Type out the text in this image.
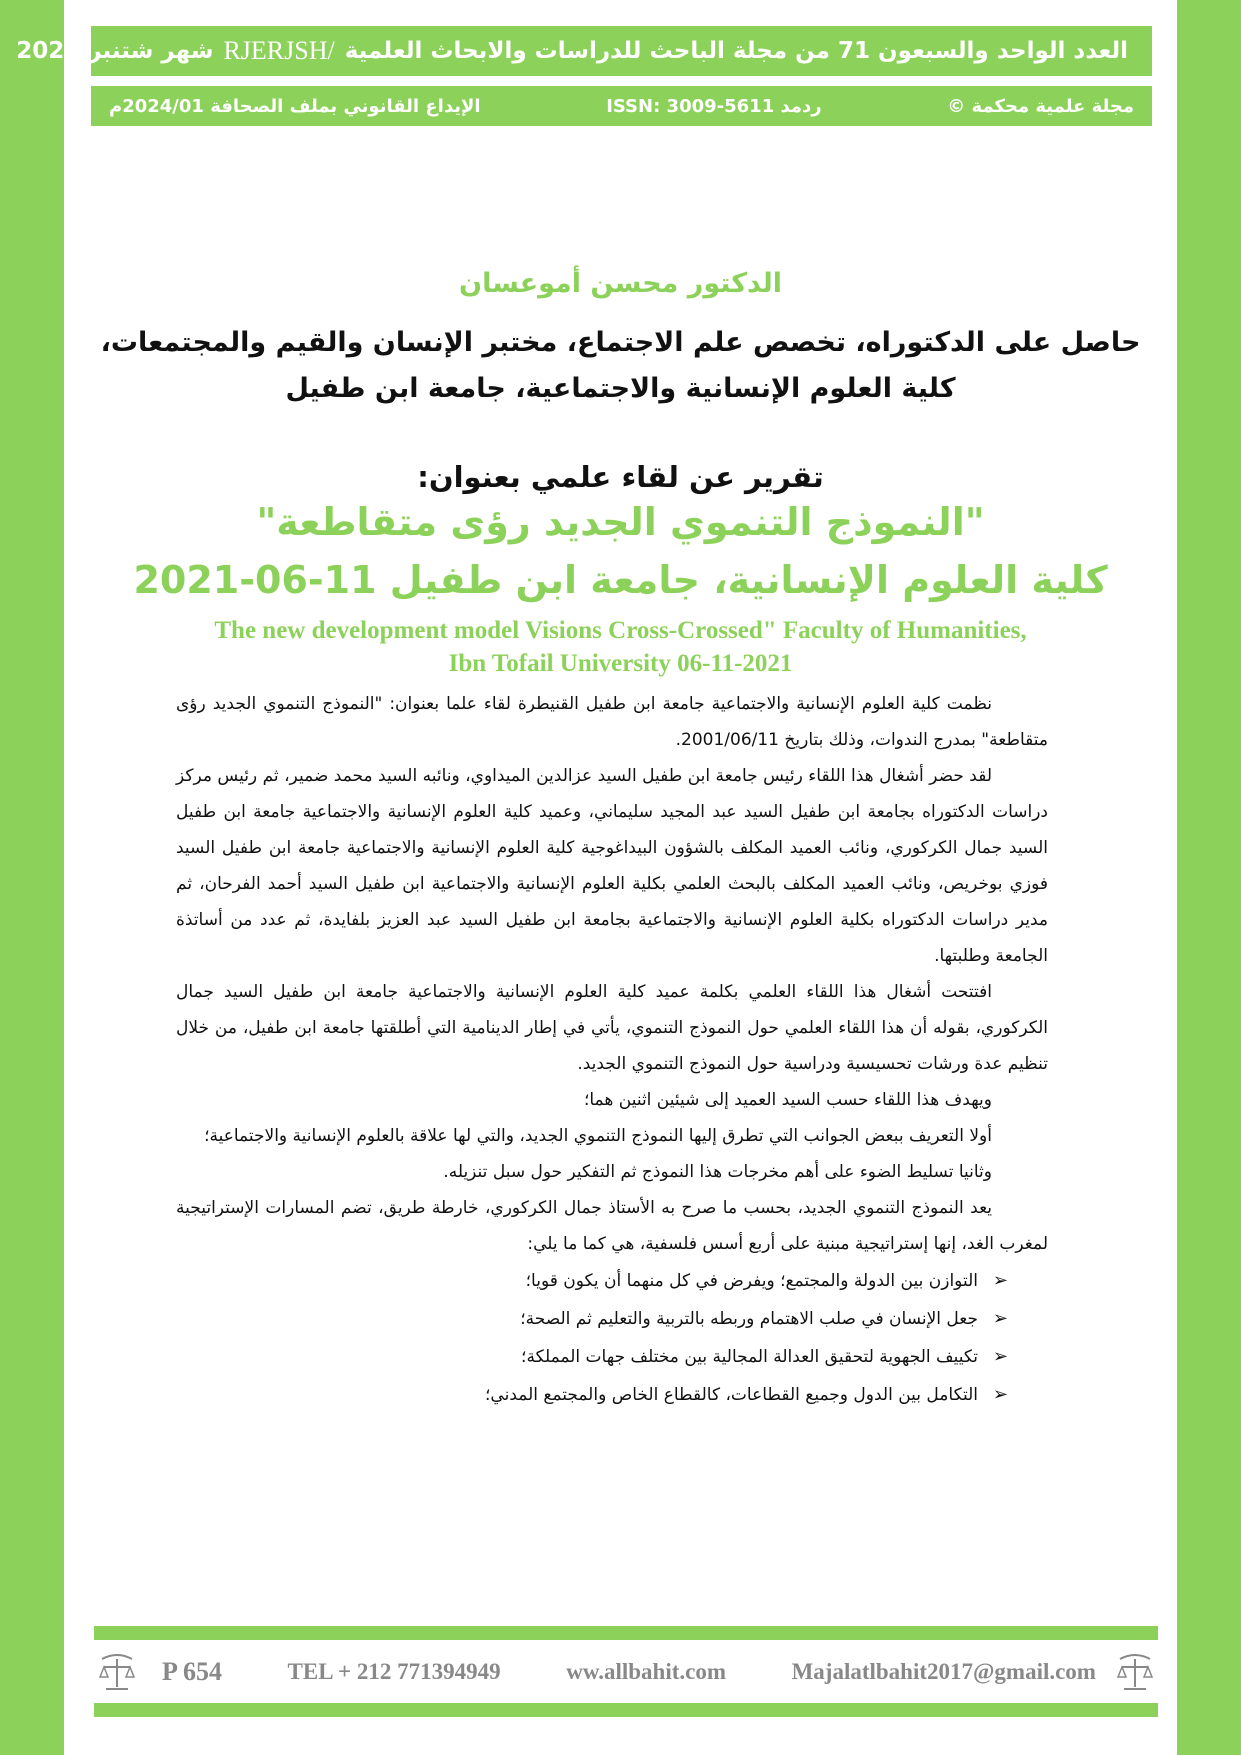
العدد الواحد والسبعون 71 من مجلة الباحث للدراسات والابحاث العلمية
RJERJSH/
شهر شتنبر 2024
مجلة علمية محكمة ©
ردمد ISSN: 3009-5611
الإيداع القانوني بملف الصحافة 2024/01م
الدكتور محسن أموعسان
حاصل على الدكتوراه، تخصص علم الاجتماع، مختبر الإنسان والقيم والمجتمعات،
كلية العلوم الإنسانية والاجتماعية، جامعة ابن طفيل
تقرير عن لقاء علمي بعنوان:
"النموذج التنموي الجديد رؤى متقاطعة"
كلية العلوم الإنسانية، جامعة ابن طفيل 11-06-2021
The new development model Visions Cross-Crossed" Faculty of Humanities,
Ibn Tofail University 06-11-2021

نظمت كلية العلوم الإنسانية والاجتماعية جامعة ابن طفيل القنيطرة لقاء علما بعنوان: "النموذج التنموي الجديد رؤى متقاطعة" بمدرج الندوات، وذلك بتاريخ 2001/06/11.

لقد حضر أشغال هذا اللقاء رئيس جامعة ابن طفيل السيد عزالدين الميداوي، ونائبه السيد محمد ضمير، ثم رئيس مركز دراسات الدكتوراه بجامعة ابن طفيل السيد عبد المجيد سليماني، وعميد كلية العلوم الإنسانية والاجتماعية جامعة ابن طفيل السيد جمال الكركوري، ونائب العميد المكلف بالشؤون البيداغوجية كلية العلوم الإنسانية والاجتماعية جامعة ابن طفيل السيد فوزي بوخريص، ونائب العميد المكلف بالبحث العلمي بكلية العلوم الإنسانية والاجتماعية ابن طفيل السيد أحمد الفرحان، ثم مدير دراسات الدكتوراه بكلية العلوم الإنسانية والاجتماعية بجامعة ابن طفيل السيد عبد العزيز بلفايدة، ثم عدد من أساتذة الجامعة وطلبتها.

افتتحت أشغال هذا اللقاء العلمي بكلمة عميد كلية العلوم الإنسانية والاجتماعية جامعة ابن طفيل السيد جمال الكركوري، بقوله أن هذا اللقاء العلمي حول النموذج التنموي، يأتي في إطار الدينامية التي أطلقتها جامعة ابن طفيل، من خلال تنظيم عدة ورشات تحسيسية ودراسية حول النموذج التنموي الجديد.

ويهدف هذا اللقاء حسب السيد العميد إلى شيئين اثنين هما؛

أولا التعريف ببعض الجوانب التي تطرق إليها النموذج التنموي الجديد، والتي لها علاقة بالعلوم الإنسانية والاجتماعية؛

وثانيا تسليط الضوء على أهم مخرجات هذا النموذج ثم التفكير حول سبل تنزيله.

يعد النموذج التنموي الجديد، بحسب ما صرح به الأستاذ جمال الكركوري، خارطة طريق، تضم المسارات الإستراتيجية لمغرب الغد، إنها إستراتيجية مبنية على أربع أسس فلسفية، هي كما ما يلي:

➢
التوازن بين الدولة والمجتمع؛ ويفرض في كل منهما أن يكون قويا؛
➢
جعل الإنسان في صلب الاهتمام وربطه بالتربية والتعليم ثم الصحة؛
➢
تكييف الجهوية لتحقيق العدالة المجالية بين مختلف جهات المملكة؛
➢
التكامل بين الدول وجميع القطاعات، كالقطاع الخاص والمجتمع المدني؛
P 654	TEL + 212 771394949	ww.allbahit.com	Majalatlbahit2017@gmail.com
